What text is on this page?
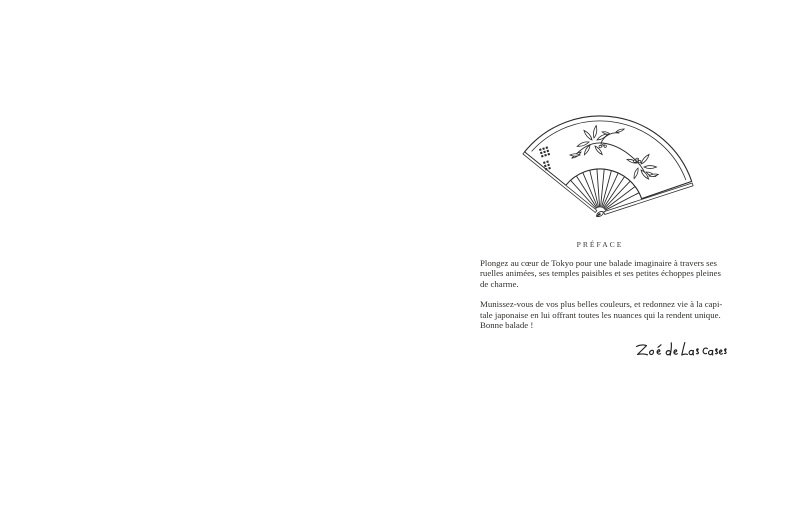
PRÉFACE

Plongez au cœur de Tokyo pour une balade imaginaire à travers ses
ruelles animées, ses temples paisibles et ses petites échoppes pleines
de charme.

Munissez-vous de vos plus belles couleurs, et redonnez vie à la capi-
tale japonaise en lui offrant toutes les nuances qui la rendent unique.
Bonne balade !
